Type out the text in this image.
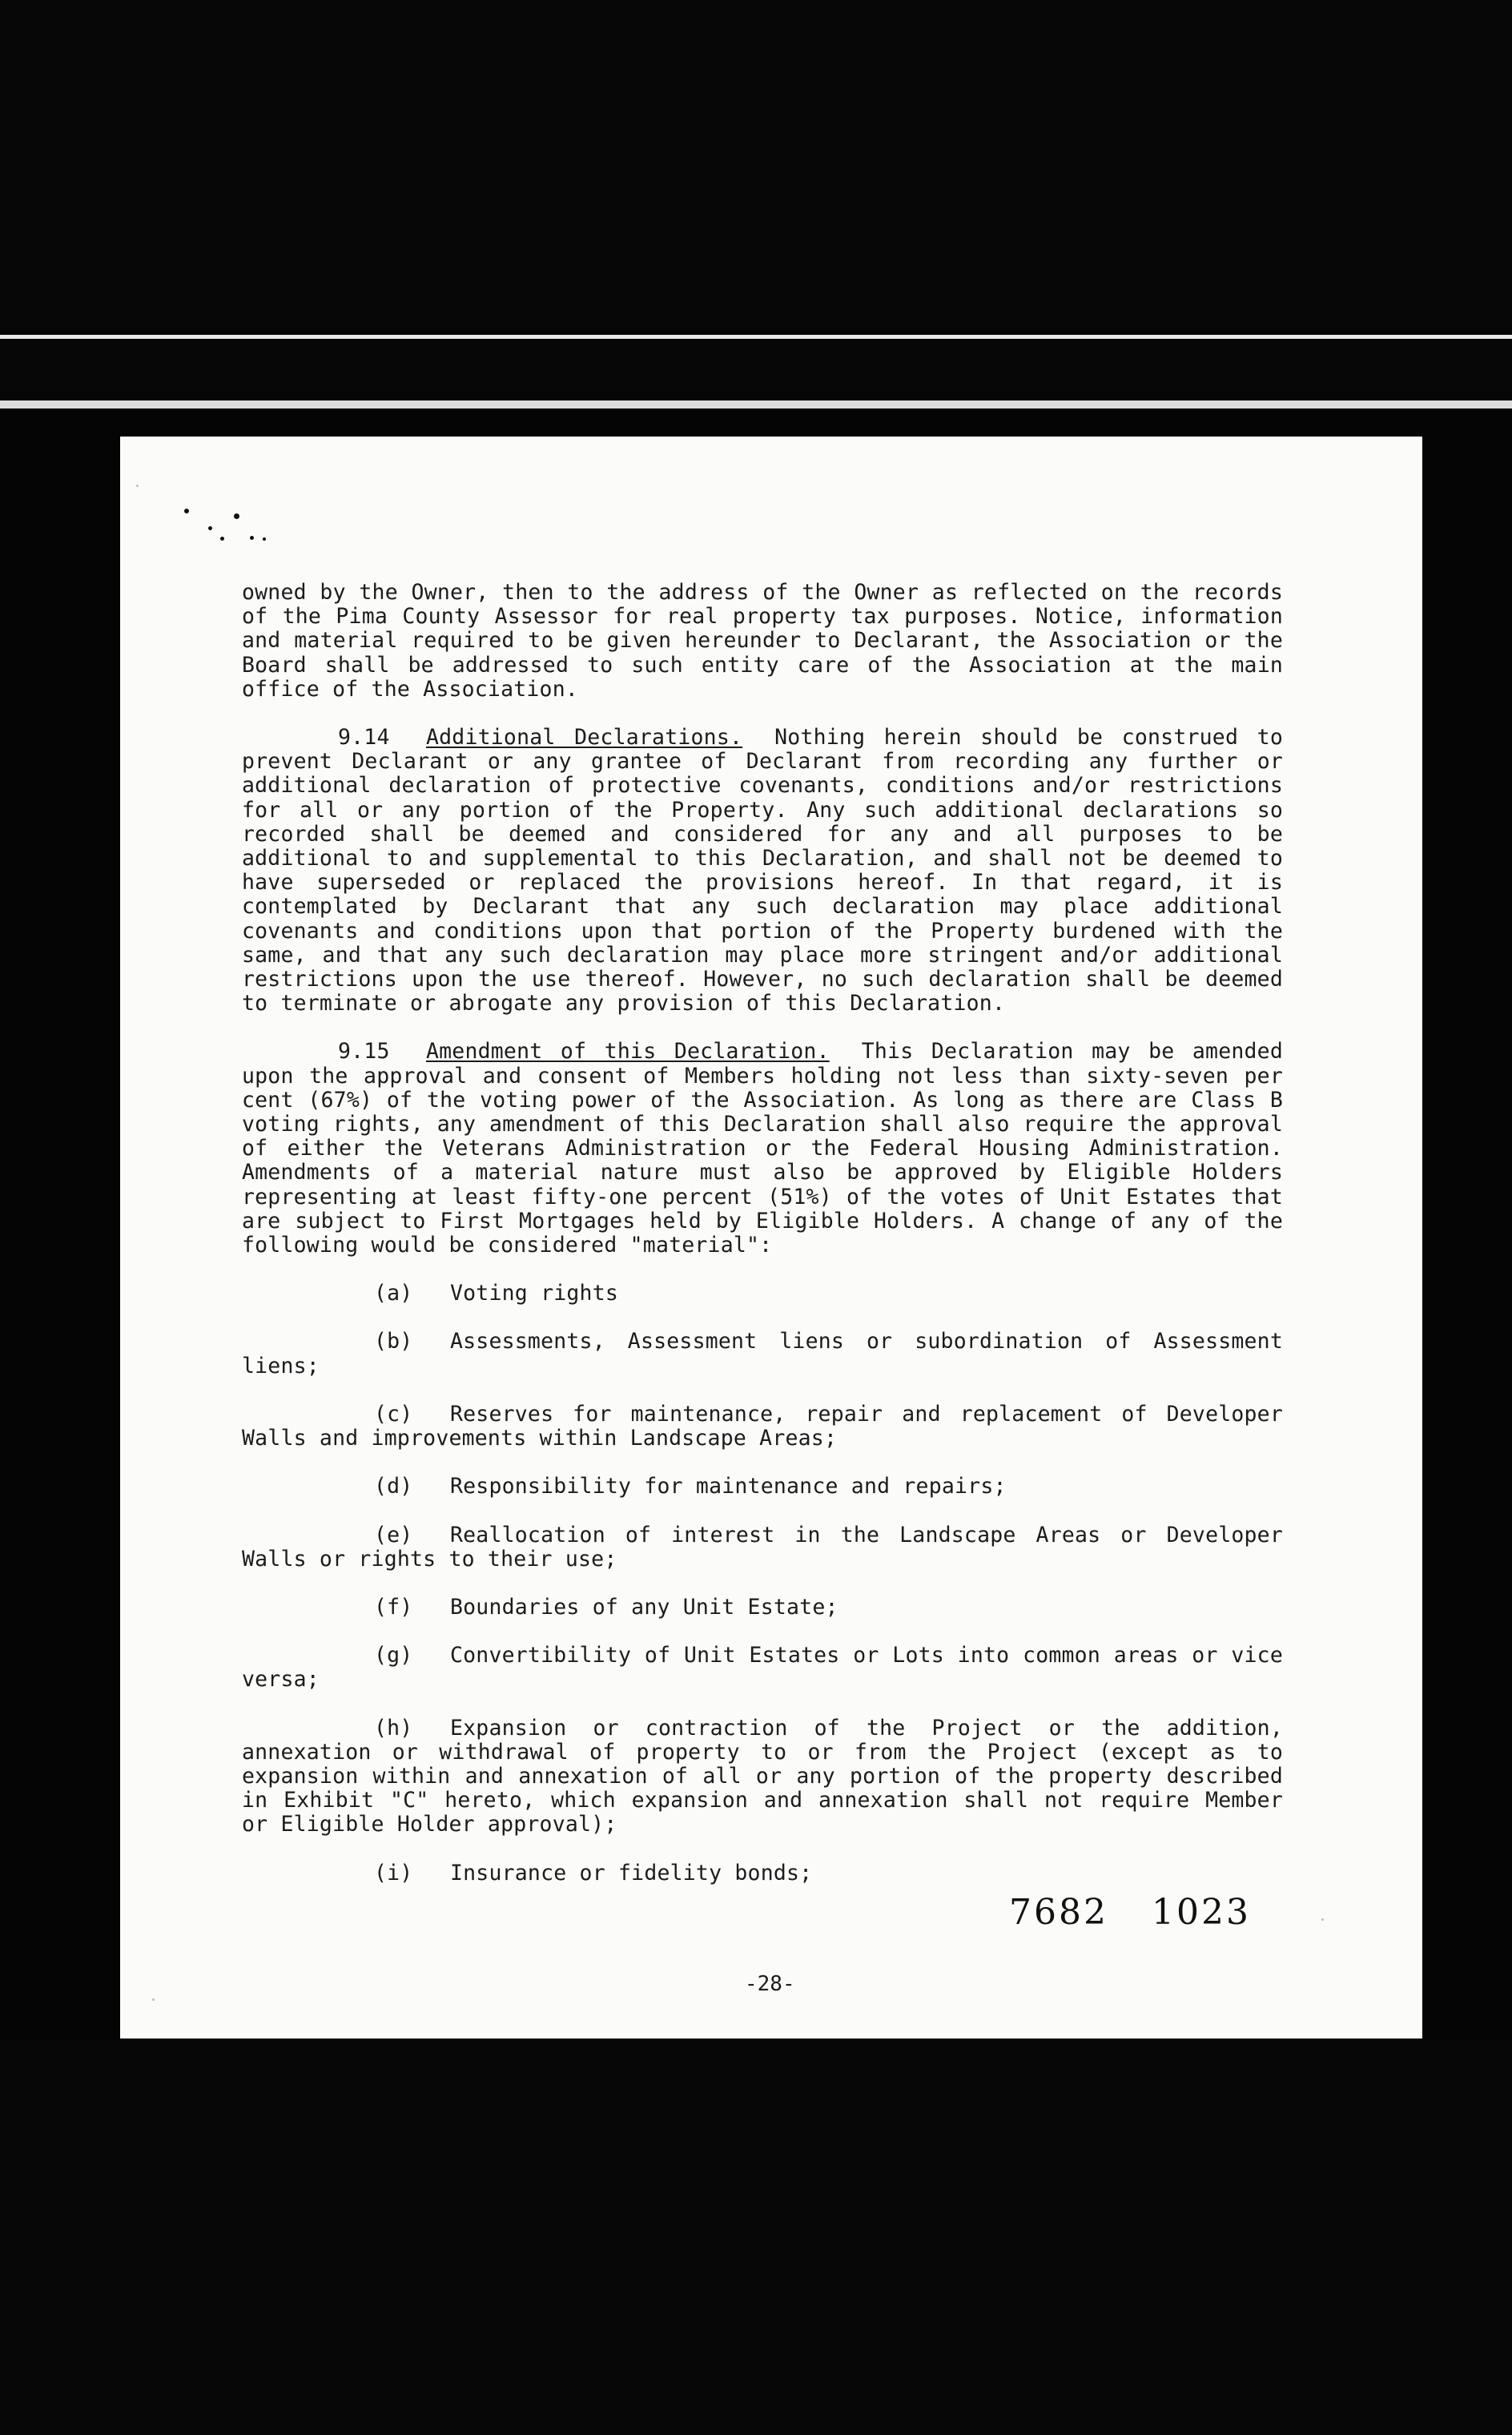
owned by the Owner, then to the address of the Owner as reflected on the records of the Pima County Assessor for real property tax purposes. Notice, information and material required to be given hereunder to Declarant, the Association or the Board shall be addressed to such entity care of the Association at the main office of the Association.

9.14 Additional Declarations. Nothing herein should be construed to prevent Declarant or any grantee of Declarant from recording any further or additional declaration of protective covenants, conditions and/or restrictions for all or any portion of the Property. Any such additional declarations so recorded shall be deemed and considered for any and all purposes to be additional to and supplemental to this Declaration, and shall not be deemed to have superseded or replaced the provisions hereof. In that regard, it is contemplated by Declarant that any such declaration may place additional covenants and conditions upon that portion of the Property burdened with the same, and that any such declaration may place more stringent and/or additional restrictions upon the use thereof. However, no such declaration shall be deemed to terminate or abrogate any provision of this Declaration.

9.15 Amendment of this Declaration. This Declaration may be amended upon the approval and consent of Members holding not less than sixty-seven per cent (67%) of the voting power of the Association. As long as there are Class B voting rights, any amendment of this Declaration shall also require the approval of either the Veterans Administration or the Federal Housing Administration. Amendments of a material nature must also be approved by Eligible Holders representing at least fifty-one percent (51%) of the votes of Unit Estates that are subject to First Mortgages held by Eligible Holders. A change of any of the following would be considered "material":

(a) Voting rights

(b) Assessments, Assessment liens or subordination of Assessment liens;

(c) Reserves for maintenance, repair and replacement of Developer Walls and improvements within Landscape Areas;

(d) Responsibility for maintenance and repairs;

(e) Reallocation of interest in the Landscape Areas or Developer Walls or rights to their use;

(f) Boundaries of any Unit Estate;

(g) Convertibility of Unit Estates or Lots into common areas or vice versa;

(h) Expansion or contraction of the Project or the addition, annexation or withdrawal of property to or from the Project (except as to expansion within and annexation of all or any portion of the property described in Exhibit "C" hereto, which expansion and annexation shall not require Member or Eligible Holder approval);

(i) Insurance or fidelity bonds;

7682 1023
-28-
